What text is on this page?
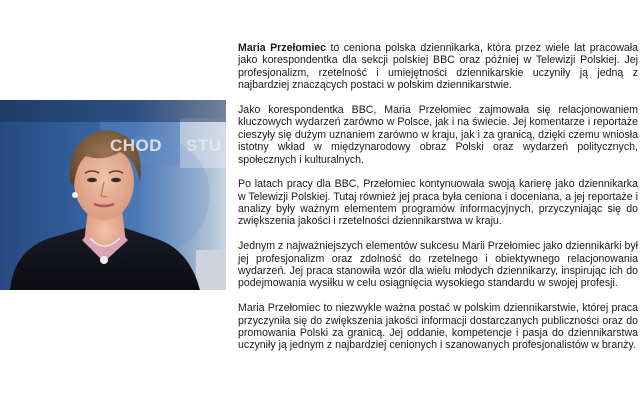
CHOD STU

Maria Przełomiec to ceniona polska dziennikarka, która przez wiele lat pracowała jako korespondentka dla sekcji polskiej BBC oraz później w Telewizji Polskiej. Jej profesjonalizm, rzetelność i umiejętności dziennikarskie uczyniły ją jedną z najbardziej znaczących postaci w polskim dziennikarstwie.

Jako korespondentka BBC, Maria Przełomiec zajmowała się relacjonowaniem kluczowych wydarzeń zarówno w Polsce, jak i na świecie. Jej komentarze i reportaże cieszyły się dużym uznaniem zarówno w kraju, jak i za granicą, dzięki czemu wniosła istotny wkład w międzynarodowy obraz Polski oraz wydarzeń politycznych, społecznych i kulturalnych.

Po latach pracy dla BBC, Przełomiec kontynuowała swoją karierę jako dziennikarka w Telewizji Polskiej. Tutaj również jej praca była ceniona i doceniana, a jej reportaże i analizy były ważnym elementem programów informacyjnych, przyczyniając się do zwiększenia jakości i rzetelności dziennikarstwa w kraju.

Jednym z najważniejszych elementów sukcesu Marii Przełomiec jako dziennikarki był jej profesjonalizm oraz zdolność do rzetelnego i obiektywnego relacjonowania wydarzeń. Jej praca stanowiła wzór dla wielu młodych dziennikarzy, inspirując ich do podejmowania wysiłku w celu osiągnięcia wysokiego standardu w swojej profesji.

Maria Przełomiec to niezwykle ważna postać w polskim dziennikarstwie, której praca przyczyniła się do zwiększenia jakości informacji dostarczanych publiczności oraz do promowania Polski za granicą. Jej oddanie, kompetencje i pasja do dziennikarstwa uczyniły ją jednym z najbardziej cenionych i szanowanych profesjonalistów w branży.
